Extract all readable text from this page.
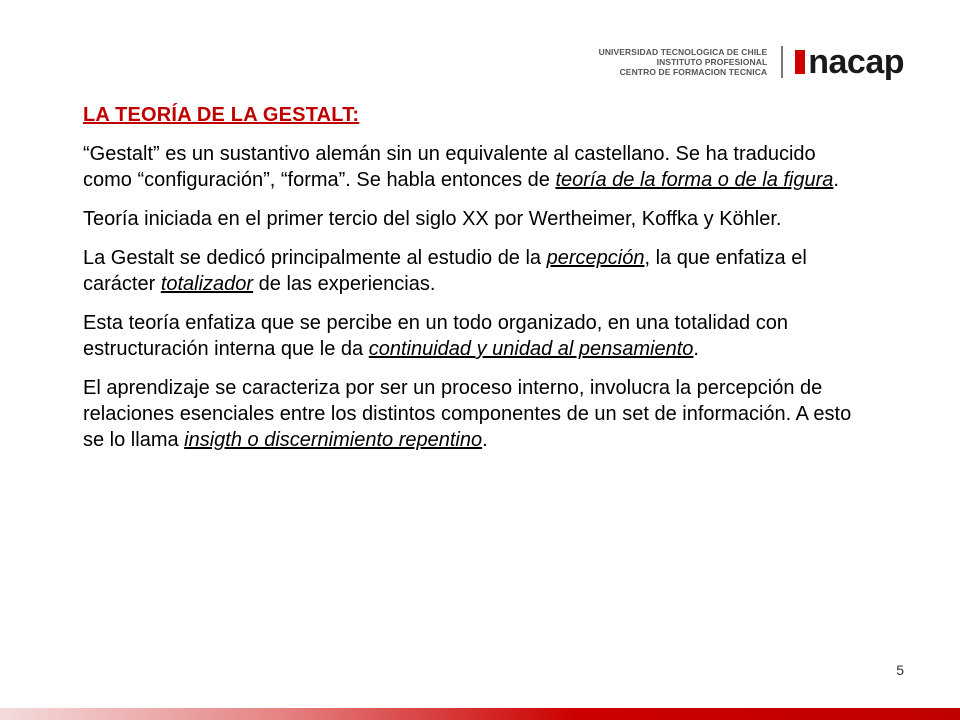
UNIVERSIDAD TECNOLOGICA DE CHILE
INSTITUTO PROFESIONAL
CENTRO DE FORMACION TECNICA nacap
LA TEORÍA DE LA GESTALT:

“Gestalt” es un sustantivo alemán sin un equivalente al castellano. Se ha traducido como “configuración”, “forma”. Se habla entonces de teoría de la forma o de la figura.

Teoría iniciada en el primer tercio del siglo XX por Wertheimer, Koffka y Köhler.

La Gestalt se dedicó principalmente al estudio de la percepción, la que enfatiza el carácter totalizador de las experiencias.

Esta teoría enfatiza que se percibe en un todo organizado, en una totalidad con estructuración interna que le da continuidad y unidad al pensamiento.

El aprendizaje se caracteriza por ser un proceso interno, involucra la percepción de relaciones esenciales entre los distintos componentes de un set de información. A esto se lo llama insigth o discernimiento repentino.

5
